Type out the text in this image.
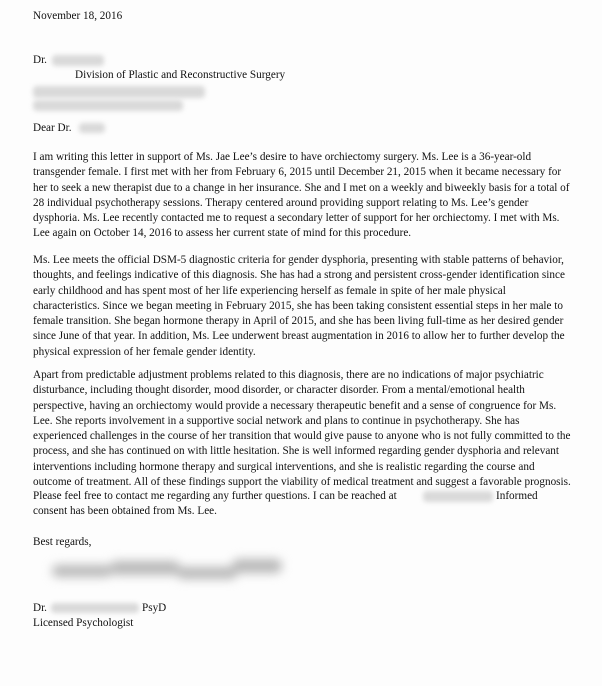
November 18, 2016
Dr.
Division of Plastic and Reconstructive Surgery
Dear Dr.

I am writing this letter in support of Ms. Jae Lee’s desire to have orchiectomy surgery. Ms. Lee is a 36-year-old transgender female. I first met with her from February 6, 2015 until December 21, 2015 when it became necessary for her to seek a new therapist due to a change in her insurance. She and I met on a weekly and biweekly basis for a total of 28 individual psychotherapy sessions. Therapy centered around providing support relating to Ms. Lee’s gender dysphoria. Ms. Lee recently contacted me to request a secondary letter of support for her orchiectomy. I met with Ms. Lee again on October 14, 2016 to assess her current state of mind for this procedure.

Ms. Lee meets the official DSM-5 diagnostic criteria for gender dysphoria, presenting with stable patterns of behavior, thoughts, and feelings indicative of this diagnosis. She has had a strong and persistent cross-gender identification since early childhood and has spent most of her life experiencing herself as female in spite of her male physical characteristics. Since we began meeting in February 2015, she has been taking consistent essential steps in her male to female transition. She began hormone therapy in April of 2015, and she has been living full-time as her desired gender since June of that year. In addition, Ms. Lee underwent breast augmentation in 2016 to allow her to further develop the physical expression of her female gender identity.

Apart from predictable adjustment problems related to this diagnosis, there are no indications of major psychiatric disturbance, including thought disorder, mood disorder, or character disorder. From a mental/emotional health perspective, having an orchiectomy would provide a necessary therapeutic benefit and a sense of congruence for Ms. Lee. She reports involvement in a supportive social network and plans to continue in psychotherapy. She has experienced challenges in the course of her transition that would give pause to anyone who is not fully committed to the process, and she has continued on with little hesitation. She is well informed regarding gender dysphoria and relevant interventions including hormone therapy and surgical interventions, and she is realistic regarding the course and outcome of treatment. All of these findings support the viability of medical treatment and suggest a favorable prognosis.

Please feel free to contact me regarding any further questions. I can be reached at	Informed
consent has been obtained from Ms. Lee.
Best regards,
Dr.	PsyD
Licensed Psychologist
